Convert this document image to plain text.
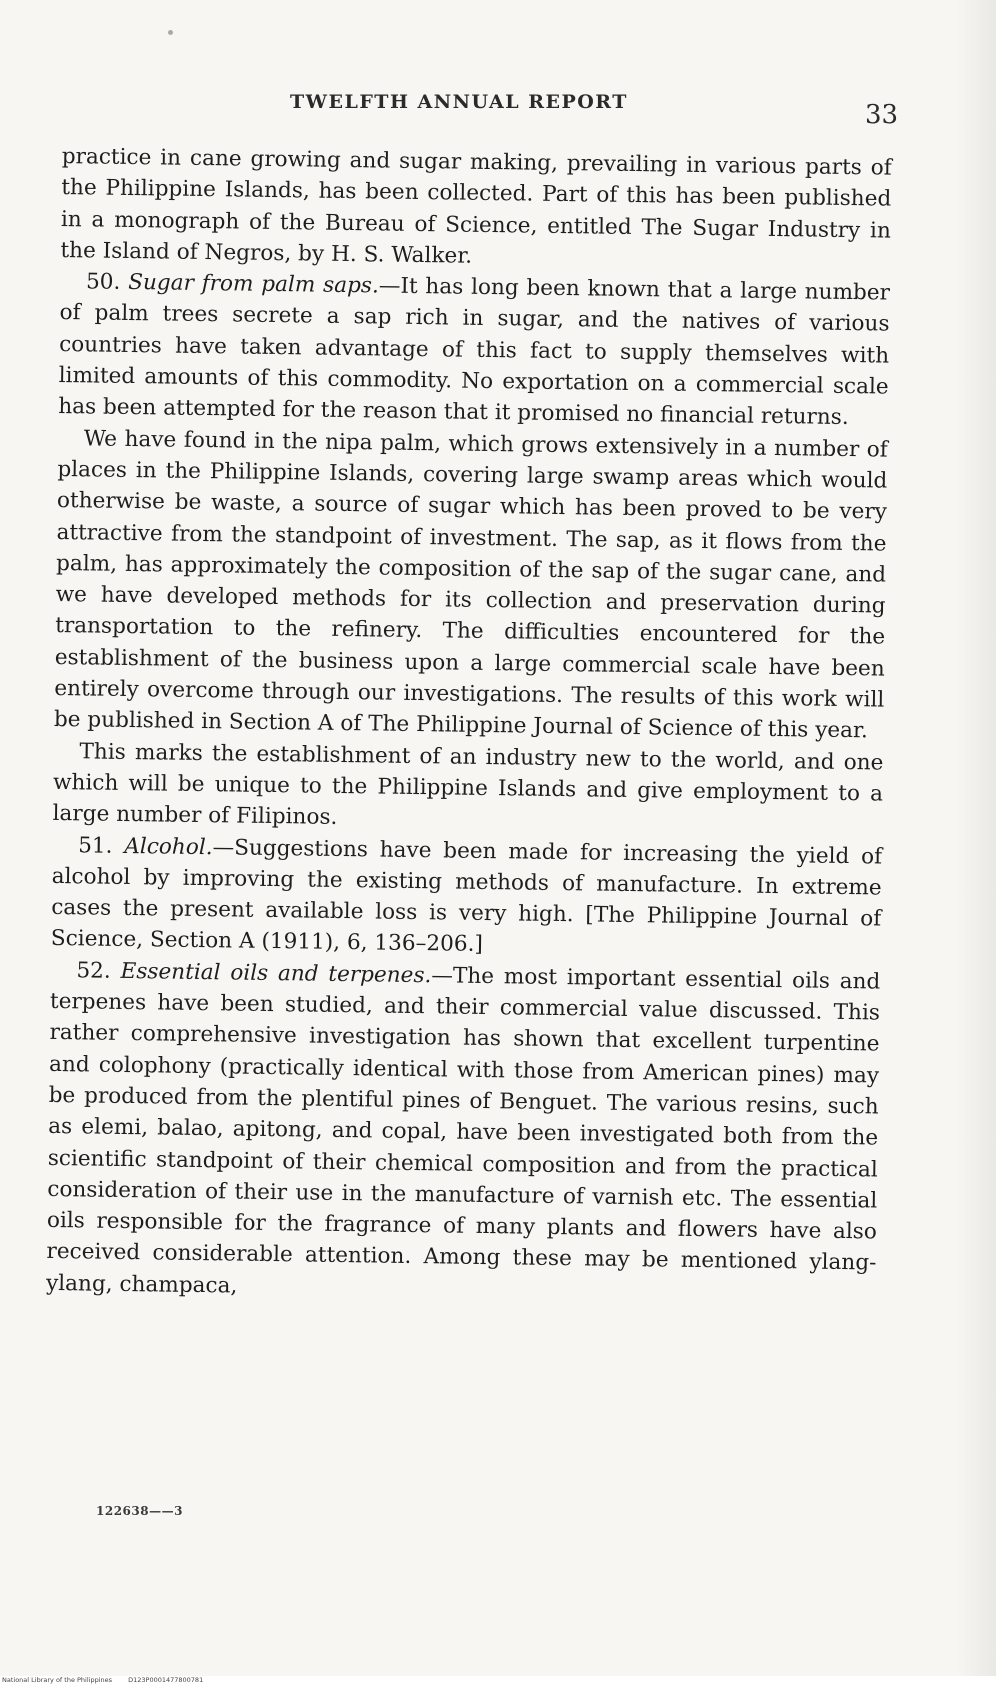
TWELFTH ANNUAL REPORT	33

practice in cane growing and sugar making, prevailing in various parts of the Philippine Islands, has been collected. Part of this has been published in a monograph of the Bureau of Science, entitled The Sugar Industry in the Island of Negros, by H. S. Walker.

50. Sugar from palm saps.—It has long been known that a large number of palm trees secrete a sap rich in sugar, and the natives of various countries have taken advantage of this fact to supply themselves with limited amounts of this commodity. No exportation on a commercial scale has been attempted for the reason that it promised no financial returns.

We have found in the nipa palm, which grows extensively in a number of places in the Philippine Islands, covering large swamp areas which would otherwise be waste, a source of sugar which has been proved to be very attractive from the standpoint of investment. The sap, as it flows from the palm, has approximately the composition of the sap of the sugar cane, and we have developed methods for its collection and preservation during transportation to the refinery. The difficulties encountered for the establishment of the business upon a large commercial scale have been entirely overcome through our investigations. The results of this work will be published in Section A of The Philippine Journal of Science of this year.

This marks the establishment of an industry new to the world, and one which will be unique to the Philippine Islands and give employment to a large number of Filipinos.

51. Alcohol.—Suggestions have been made for increasing the yield of alcohol by improving the existing methods of manufacture. In extreme cases the present available loss is very high. [The Philippine Journal of Science, Section A (1911), 6, 136–206.]

52. Essential oils and terpenes.—The most important essential oils and terpenes have been studied, and their commercial value discussed. This rather comprehensive investigation has shown that excellent turpentine and colophony (practically identical with those from American pines) may be produced from the plentiful pines of Benguet. The various resins, such as elemi, balao, apitong, and copal, have been investigated both from the scientific standpoint of their chemical composition and from the practical consideration of their use in the manufacture of varnish etc. The essential oils responsible for the fragrance of many plants and flowers have also received considerable attention. Among these may be mentioned ylang-ylang, champaca,

122638——3
National Library of the Philippines D123P0001477800781
